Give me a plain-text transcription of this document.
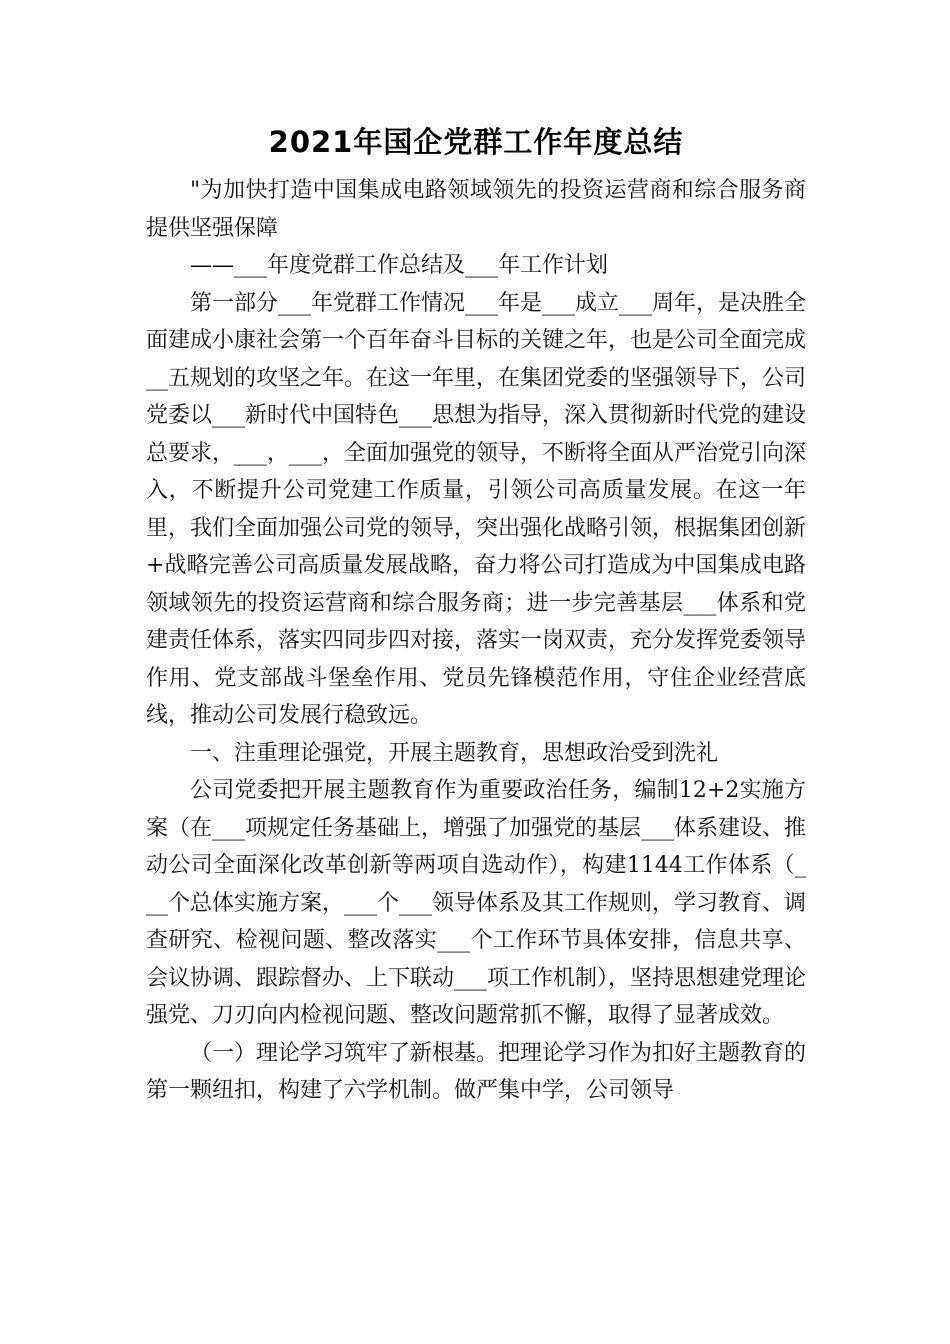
2021年国企党群工作年度总结

"为加快打造中国集成电路领域领先的投资运营商和综合服务商提供坚强保障

——___年度党群工作总结及___年工作计划

第一部分___年党群工作情况___年是___成立___周年，是决胜全面建成小康社会第一个百年奋斗目标的关键之年，也是公司全面完成__五规划的攻坚之年。在这一年里，在集团党委的坚强领导下，公司党委以___新时代中国特色___思想为指导，深入贯彻新时代党的建设总要求，___，___，全面加强党的领导，不断将全面从严治党引向深入，不断提升公司党建工作质量，引领公司高质量发展。在这一年里，我们全面加强公司党的领导，突出强化战略引领，根据集团创新+战略完善公司高质量发展战略，奋力将公司打造成为中国集成电路领域领先的投资运营商和综合服务商；进一步完善基层___体系和党建责任体系，落实四同步四对接，落实一岗双责，充分发挥党委领导作用、党支部战斗堡垒作用、党员先锋模范作用，守住企业经营底线，推动公司发展行稳致远。

一、注重理论强党，开展主题教育，思想政治受到洗礼

公司党委把开展主题教育作为重要政治任务，编制12+2实施方案（在___项规定任务基础上，增强了加强党的基层___体系建设、推动公司全面深化改革创新等两项自选动作），构建1144工作体系（___个总体实施方案，___个___领导体系及其工作规则，学习教育、调查研究、检视问题、整改落实___个工作环节具体安排，信息共享、会议协调、跟踪督办、上下联动___项工作机制），坚持思想建党理论强党、刀刃向内检视问题、整改问题常抓不懈，取得了显著成效。

（一）理论学习筑牢了新根基。把理论学习作为扣好主题教育的第一颗纽扣，构建了六学机制。做严集中学，公司领导
